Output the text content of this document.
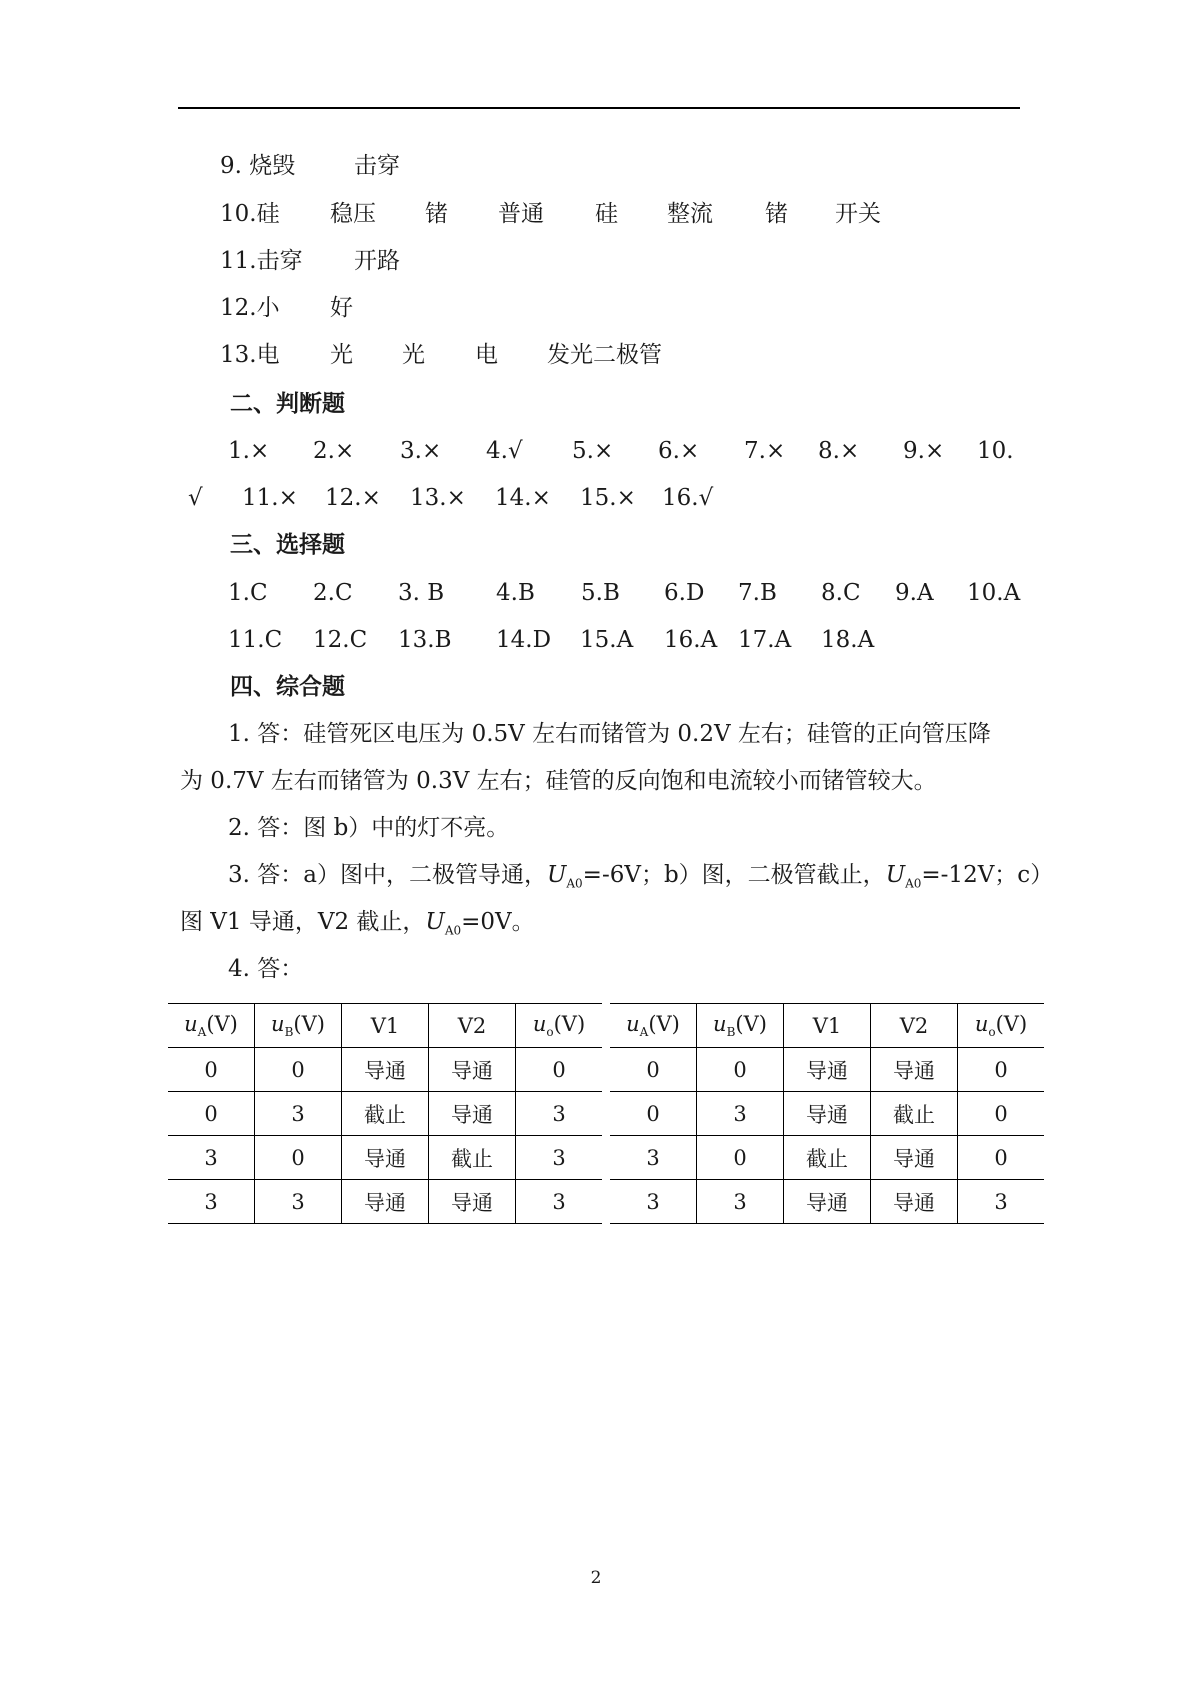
9. 烧毁	击穿
10.硅 稳压 锗 普通 硅 整流 锗 开关
11.击穿 开路
12.小 好
13.电 光 光 电 发光二极管
二、判断题
1.× 2.× 3.× 4.√ 5.× 6.× 7.× 8.× 9.× 10.
√ 11.× 12.× 13.× 14.× 15.× 16.√
三、选择题
1.C 2.C 3. B 4.B 5.B 6.D 7.B 8.C 9.A 10.A
11.C 12.C 13.B 14.D 15.A 16.A 17.A 18.A
四、综合题
1. 答：硅管死区电压为 0.5V 左右而锗管为 0.2V 左右；硅管的正向管压降
为 0.7V 左右而锗管为 0.3V 左右；硅管的反向饱和电流较小而锗管较大。
2. 答：图 b）中的灯不亮。
3. 答：a）图中，二极管导通，$U_{A0}=-6V$；b）图，二极管截止，$U_{A0}=-12V$；c）
图 V1 导通，V2 截止，$U_{A0}=0V$。
4. 答：
$u_A(V)$	$u_B(V)$	V1	V2	$u_o(V)$
0	0	导通	导通	0
0	3	截止	导通	3
3	0	导通	截止	3
3	3	导通	导通	3
$u_A(V)$	$u_B(V)$	V1	V2	$u_o(V)$
0	0	导通	导通	0
0	3	导通	截止	0
3	0	截止	导通	0
3	3	导通	导通	3
2
